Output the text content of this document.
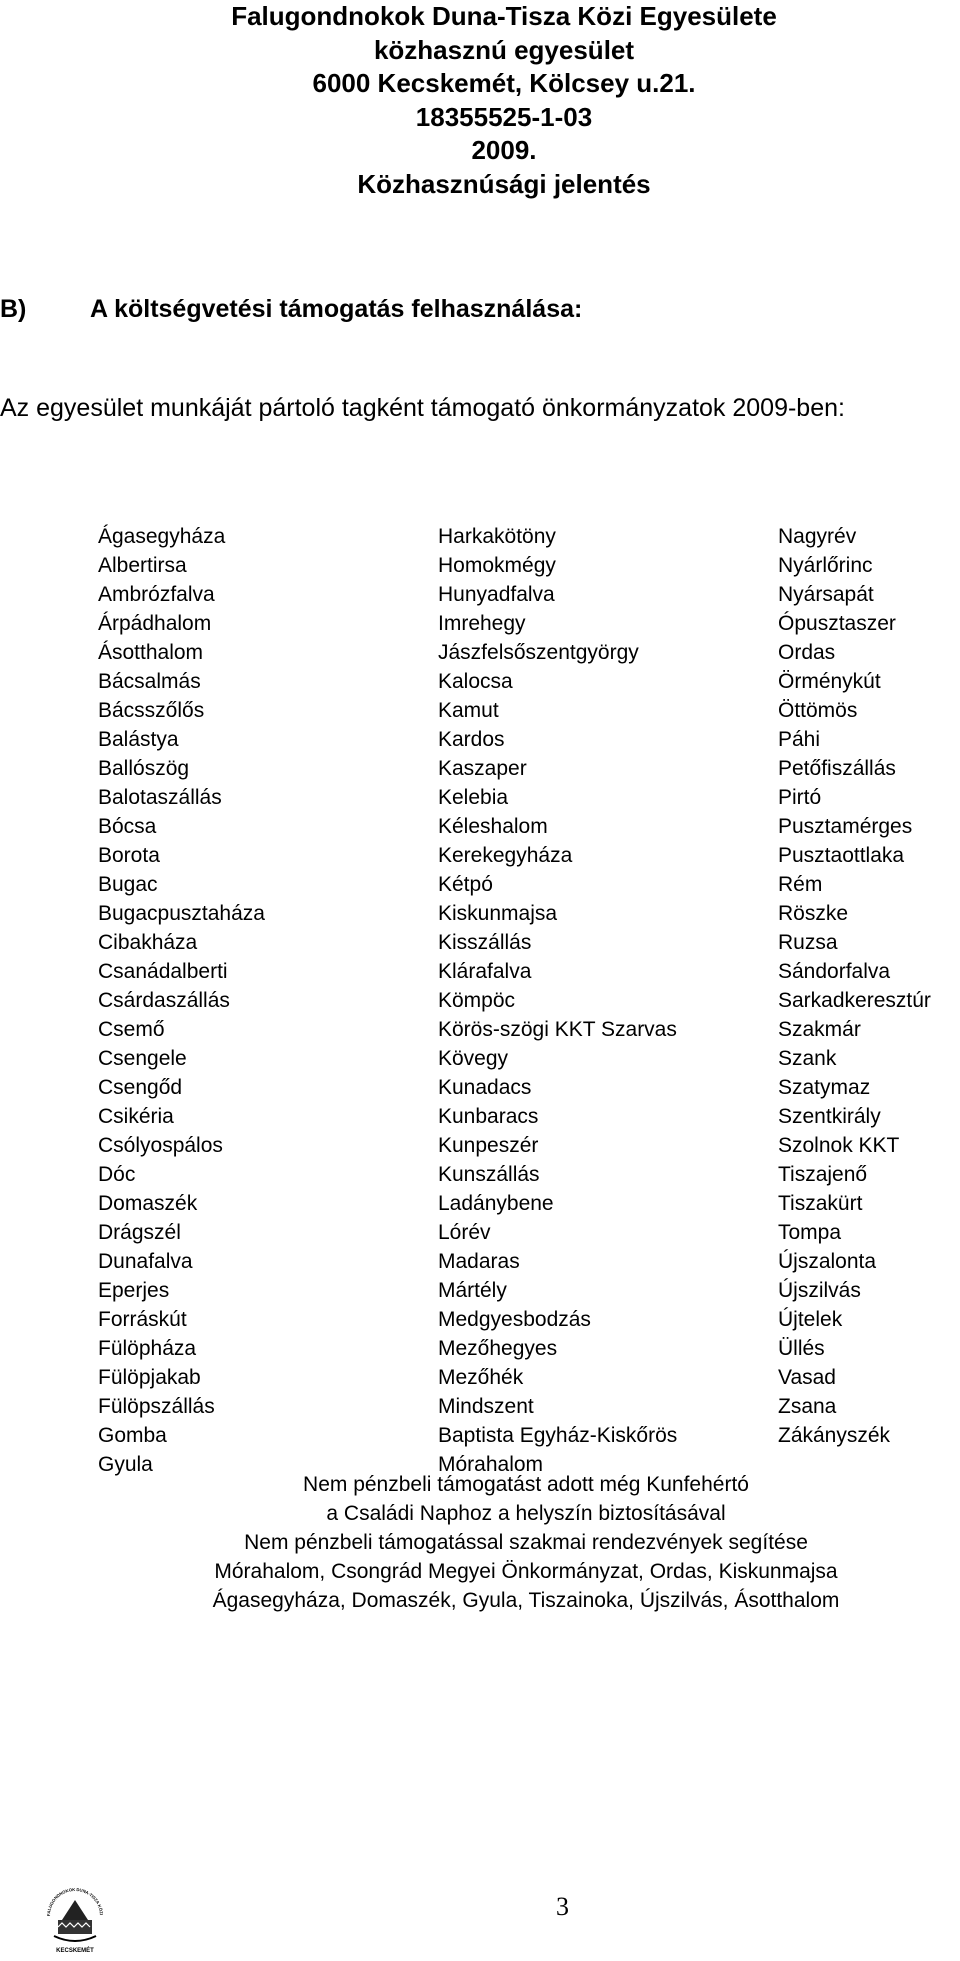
Falugondnokok Duna-Tisza Közi Egyesülete
közhasznú egyesület
6000 Kecskemét, Kölcsey u.21.
18355525-1-03
2009.
Közhasznúsági jelentés
B)	A költségvetési támogatás felhasználása:
Az egyesület munkáját pártoló tagként támogató önkormányzatok 2009-ben:
Ágasegyháza
Albertirsa
Ambrózfalva
Árpádhalom
Ásotthalom
Bácsalmás
Bácsszőlős
Balástya
Ballószög
Balotaszállás
Bócsa
Borota
Bugac
Bugacpusztaháza
Cibakháza
Csanádalberti
Csárdaszállás
Csemő
Csengele
Csengőd
Csikéria
Csólyospálos
Dóc
Domaszék
Drágszél
Dunafalva
Eperjes
Forráskút
Fülöpháza
Fülöpjakab
Fülöpszállás
Gomba
Gyula
Harkakötöny
Homokmégy
Hunyadfalva
Imrehegy
Jászfelsőszentgyörgy
Kalocsa
Kamut
Kardos
Kaszaper
Kelebia
Kéleshalom
Kerekegyháza
Kétpó
Kiskunmajsa
Kisszállás
Klárafalva
Kömpöc
Körös-szögi KKT Szarvas
Kövegy
Kunadacs
Kunbaracs
Kunpeszér
Kunszállás
Ladánybene
Lórév
Madaras
Mártély
Medgyesbodzás
Mezőhegyes
Mezőhék
Mindszent
Baptista Egyház-Kiskőrös
Mórahalom
Nagyrév
Nyárlőrinc
Nyársapát
Ópusztaszer
Ordas
Örménykút
Öttömös
Páhi
Petőfiszállás
Pirtó
Pusztamérges
Pusztaottlaka
Rém
Röszke
Ruzsa
Sándorfalva
Sarkadkeresztúr
Szakmár
Szank
Szatymaz
Szentkirály
Szolnok KKT
Tiszajenő
Tiszakürt
Tompa
Újszalonta
Újszilvás
Újtelek
Üllés
Vasad
Zsana
Zákányszék
Nem pénzbeli támogatást adott még Kunfehértó
a Családi Naphoz a helyszín biztosításával
Nem pénzbeli támogatással szakmai rendezvények segítése
Mórahalom, Csongrád Megyei Önkormányzat, Ordas, Kiskunmajsa
Ágasegyháza, Domaszék, Gyula, Tiszainoka, Újszilvás, Ásotthalom
FALUGONDNOKOK DUNA-TISZA KÖZI
KECSKEMÉT
3
